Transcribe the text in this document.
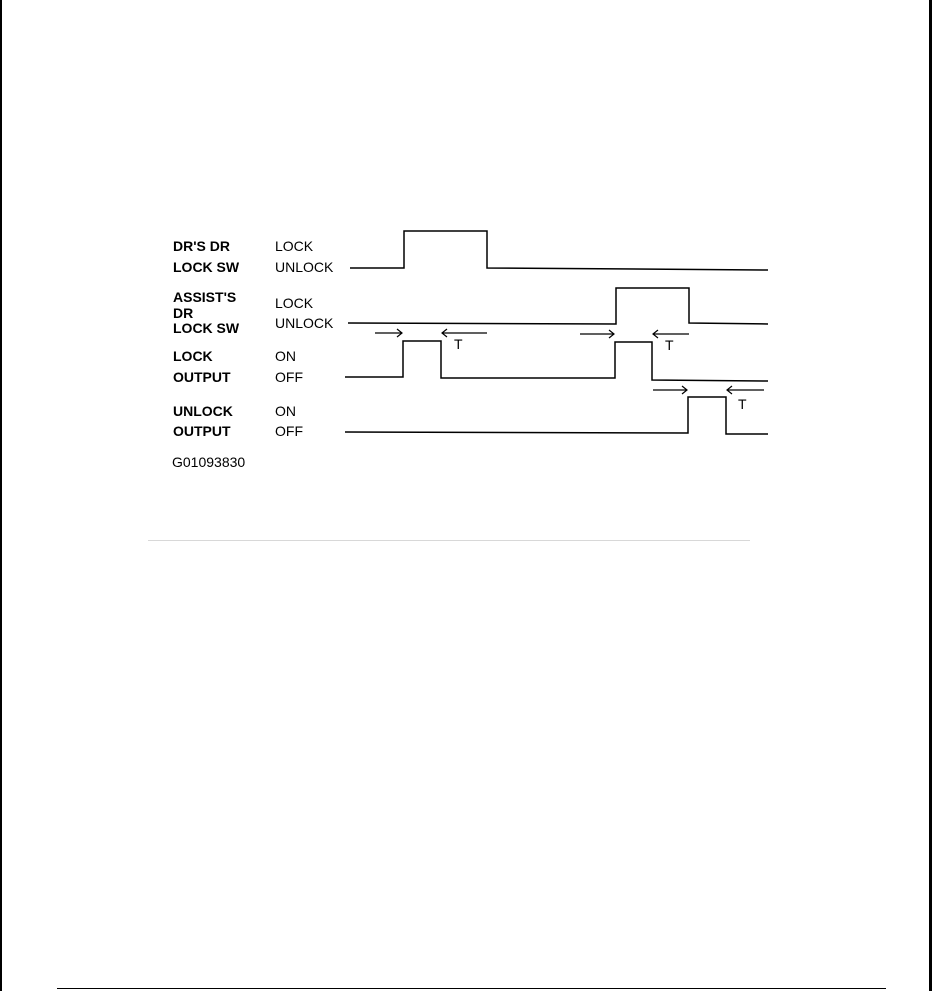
DR'S DR
LOCK SW
LOCK
UNLOCK
ASSIST'S
DR
LOCK SW
LOCK
UNLOCK
LOCK
OUTPUT
ON
OFF
T	T
UNLOCK
OUTPUT
ON
OFF
T
G01093830
